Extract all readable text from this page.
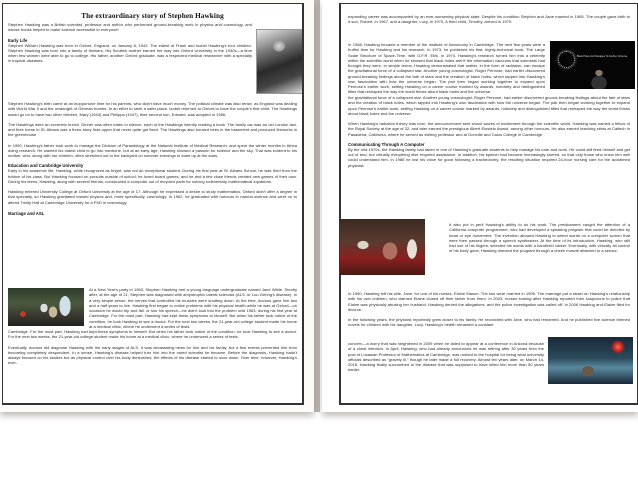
The extraordinary story of Stephen Hawking

Stephen Hawking was a British scientist, professor and author who performed ground-breaking work in physics and cosmology, and whose books helped to make science accessible to everyone!

Early Life

Stephen William Hawking was born in Oxford, England, on January 8, 1942. The eldest of Frank and Isobel Hawking's four children. Stephen Hawking was born into a family of thinkers. His Scottish mother earned her way into Oxford University in the 1930s—a time when few women were able to go to college. His father, another Oxford graduate, was a respected medical researcher with a specialty in tropical diseases.

Stephen Hawking's birth came at an inopportune time for his parents, who didn't have much money. The political climate was also tense, as England was dealing with World War II and the onslaught of German bombs. In an effort to seek a safer place, Isobel returned to Oxford to have the couple's first child. The Hawkings would go on to have two other children, Mary (1943) and Philippa (1947), their second son, Edward, was adopted in 1956.

The Hawkings were an eccentric bunch. Dinner was often eaten in silence, each of the Hawkings intently reading a book. The family car was an old London taxi, and their home in St. Albans was a three-story fixer-upper that never quite got fixed. The Hawkings also housed bees in the basement and produced fireworks in the greenhouse.

In 1950, Hawking's father took work to manage the Division of Parasitology at the National Institute of Medical Research, and spent the winter months in Africa doing research. He wanted his oldest child to go into medicine, but at an early age, Hawking showed a passion for science and the sky. That was evident to his mother, who, along with her children, often stretched out in the backyard on summer evenings to stare up at the stars.

Education and Cambridge University

Early in his academic life, Hawking, while recognized as bright, was not an exceptional student. During his first year at St. Albans School, he was third from the bottom of his class. But Hawking focused on pursuits outside of school; he loved board games, and he and a few close friends created new games of their own. During his teens, Hawking, along with several friends, constructed a computer out of recycled parts for solving rudimentary mathematical equations.

Hawking entered University College at Oxford University at the age of 17. Although he expressed a desire to study mathematics, Oxford didn't offer a degree in that specialty, so Hawking gravitated toward physics and, more specifically, cosmology. In 1962, he graduated with honours in natural science and went on to attend Trinity Hall at Cambridge University for a PhD in cosmology.

Marriage and ASL

At a New Year's party in 1963, Stephen Hawking met a young language undergraduate named Jane Wilde. Shortly after, at the age of 21, Stephen was diagnosed with amyotrophic lateral sclerosis (ALS, or Lou Gehrig's disease). In a very simple sense, the nerves that controlled his muscles were shutting down. At the time, doctors gave him two and a half years to live. Hawking first began to notice problems with his physical health while he was at Oxford—on occasion he would trip and fall, or slur his speech—he didn't look into the problem until 1963, during his first year at Cambridge. For the most part, Hawking had kept these symptoms to himself. But when his father took notice of the condition, he took Hawking to see a doctor. For the next two weeks, the 21-year-old college student made his home at a medical clinic, where he underwent a series of tests.

Cambridge. For the most part, Hawking had kept these symptoms to himself. But when his father took notice of the condition, he took Hawking to see a doctor. For the next two weeks, the 21-year-old college student made his home at a medical clinic, where he underwent a series of tests.

Eventually, doctors did diagnose Hawking with the early stages of ALS. It was devastating news for him and his family, but a few events prevented him from becoming completely despondent. In a sense, Hawking's disease helped turn him into the noted scientist he became. Before the diagnosis, Hawking hadn't always focused on his studies but as physical control over his body diminished, the effects of his disease started to slow down. Over time, however, Hawking's ever-

expanding career was accompanied by an ever-worsening physical state. Despite his condition Stephen and Jane married in 1965. The couple gave birth to a son, Robert, in 1967, and a daughter, Lucy, in 1970. A third child, Timothy, arrived in 1979.

In 1968, Hawking became a member of the Institute of Astronomy in Cambridge. The next few years were a fruitful time for Hawking and his research. In 1973, he published his first, highly-technical book, The Large Scale Structure of Space-Time, with G.F.R. Ellis. In 1974, Hawking's research turned him into a celebrity within the scientific world when he showed that black holes aren't the information vacuums that scientists had thought they were. In simple terms, Hawking demonstrated that matter, in the form of radiation, can escape the gravitational force of a collapsed star. Another young cosmologist, Roger Penrose, had earlier discovered ground-breaking findings about the fate of stars and the creation of black holes, which tapped into Hawking's own fascination with how the universe began. The pair then began working together to expand upon Penrose's earlier work, setting Hawking on a career course marked by awards, notoriety and distinguished titles that reshaped the way the world thinks about black holes and the universe.

the gravitational force of a collapsed star. Another young cosmologist, Roger Penrose, had earlier discovered ground-breaking findings about the fate of stars and the creation of black holes, which tapped into Hawking's own fascination with how the universe began. The pair then began working together to expand upon Penrose's earlier work, setting Hawking on a career course marked by awards, notoriety and distinguished titles that reshaped the way the world thinks about black holes and the universe.

When Hawking's radiation theory was born, the announcement sent shock waves of excitement through the scientific world. Hawking was named a fellow of the Royal Society at the age of 32, and later earned the prestigious Albert Einstein Award, among other honours. He also earned teaching stints at Caltech in Pasadena, California, where he served as visiting professor and at Gonville and Caius College in Cambridge.

Communicating Through A Computer

By the mid-1970s, the Hawking family had taken in one of Hawking's graduate students to help manage his care and work. He could still feed himself and get out of bed, but virtually everything else required assistance. In addition, his speech had become increasingly slurred, so that only those who knew him well could understand him. In 1985 he lost his voice for good following a tracheotomy; the resulting situation required 24-hour nursing care for the acclaimed physicist.

It also put in peril Hawking's ability to do his work. The predicament caught the attention of a California computer programmer, who had developed a speaking program that could be directed by head or eye movement. The invention allowed Hawking to select words on a computer screen that were then passed through a speech synthesizer. At the time of its introduction, Hawking, who still had use of his fingers, selected his words with a handheld clicker. Eventually, with virtually all control of his body gone, Hawking directed the program through a cheek muscle attached to a sensor.

In 1990, Hawking left his wife, Jane, for one of his nurses, Elaine Mason. The two were married in 1995. The marriage put a strain on Hawking's relationship with his own children, who claimed Elaine closed off their father from them. In 2003, nurses looking after Hawking reported their suspicions to police that Elaine was physically abusing her husband. Hawking denied the allegations, and the police investigation was called off. In 2006 Hawking and Elaine filed for divorce.

In the following years, the physicist reportedly grew closer to his family. He reconciled with Jane, who had remarried. And he published five science themed novels for children with his daughter, Lucy. Hawking's health remained a constant

concern—a worry that was heightened in 2009 when he failed to appear at a conference in Arizona because of a chest infection. In April, Hawking, who had already announced he was retiring after 30 years from the post of Lucasian Professor of Mathematics at Cambridge, was rushed to the hospital for being what university officials described as "gravely ill," though he later made a full recovery. Almost ten years later, on March 14, 2018, Hawking finally succumbed to the disease that was supposed to have killed him more than 50 years earlier.

Black Holes Are Passages To Another Universe
